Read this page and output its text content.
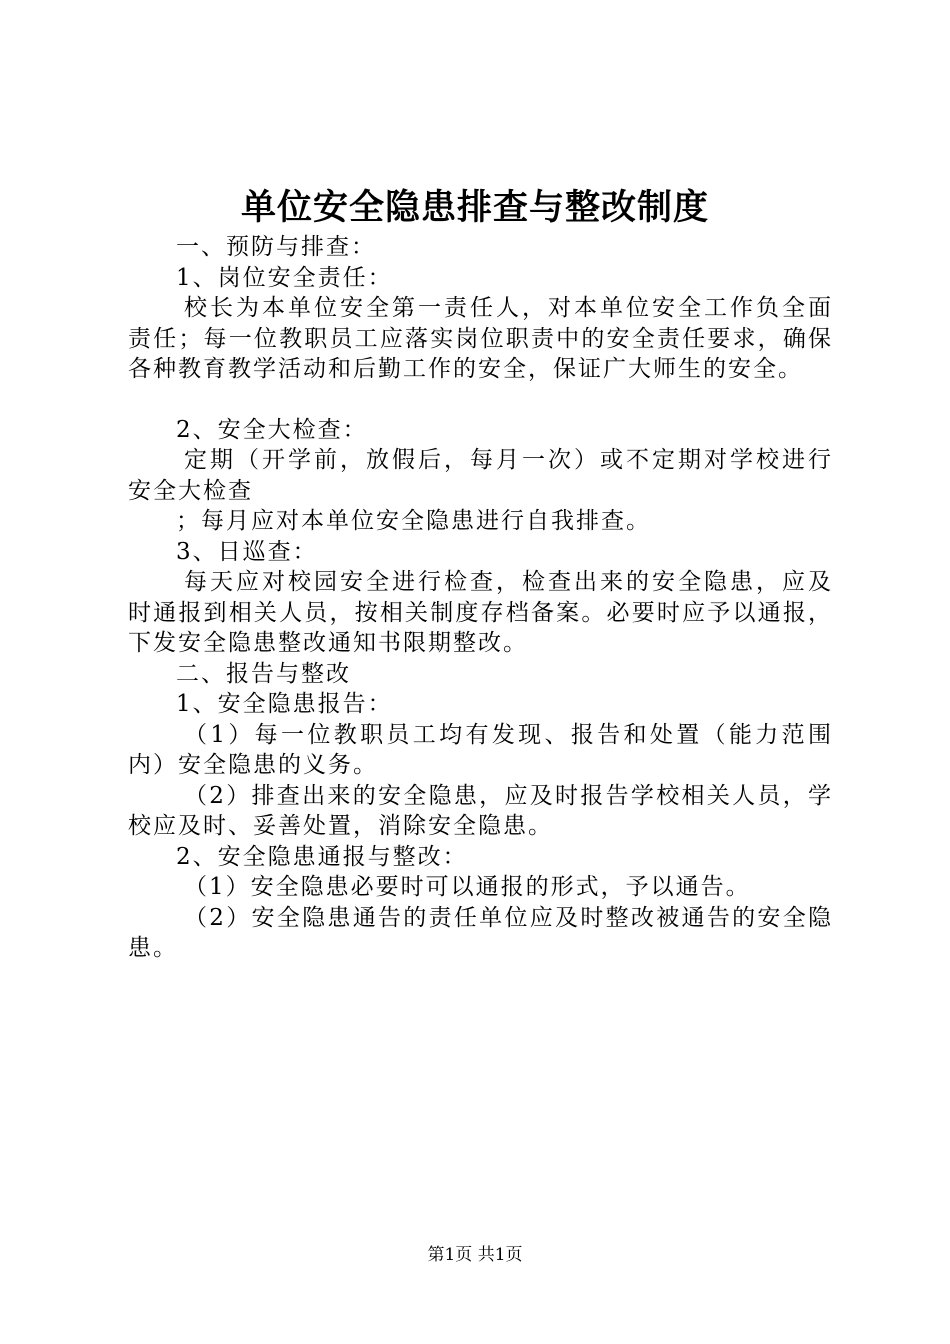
单位安全隐患排查与整改制度

一、预防与排查：

1、岗位安全责任：

校长为本单位安全第一责任人，对本单位安全工作负全面责任；每一位教职员工应落实岗位职责中的安全责任要求，确保各种教育教学活动和后勤工作的安全，保证广大师生的安全。

2、安全大检查：

定期（开学前，放假后，每月一次）或不定期对学校进行安全大检查

；每月应对本单位安全隐患进行自我排查。

3、日巡查：

每天应对校园安全进行检查，检查出来的安全隐患，应及时通报到相关人员，按相关制度存档备案。必要时应予以通报，下发安全隐患整改通知书限期整改。

二、报告与整改

1、安全隐患报告：

（1）每一位教职员工均有发现、报告和处置（能力范围内）安全隐患的义务。

（2）排查出来的安全隐患，应及时报告学校相关人员，学校应及时、妥善处置，消除安全隐患。

2、安全隐患通报与整改：

（1）安全隐患必要时可以通报的形式，予以通告。

（2）安全隐患通告的责任单位应及时整改被通告的安全隐患。

第1页 共1页
